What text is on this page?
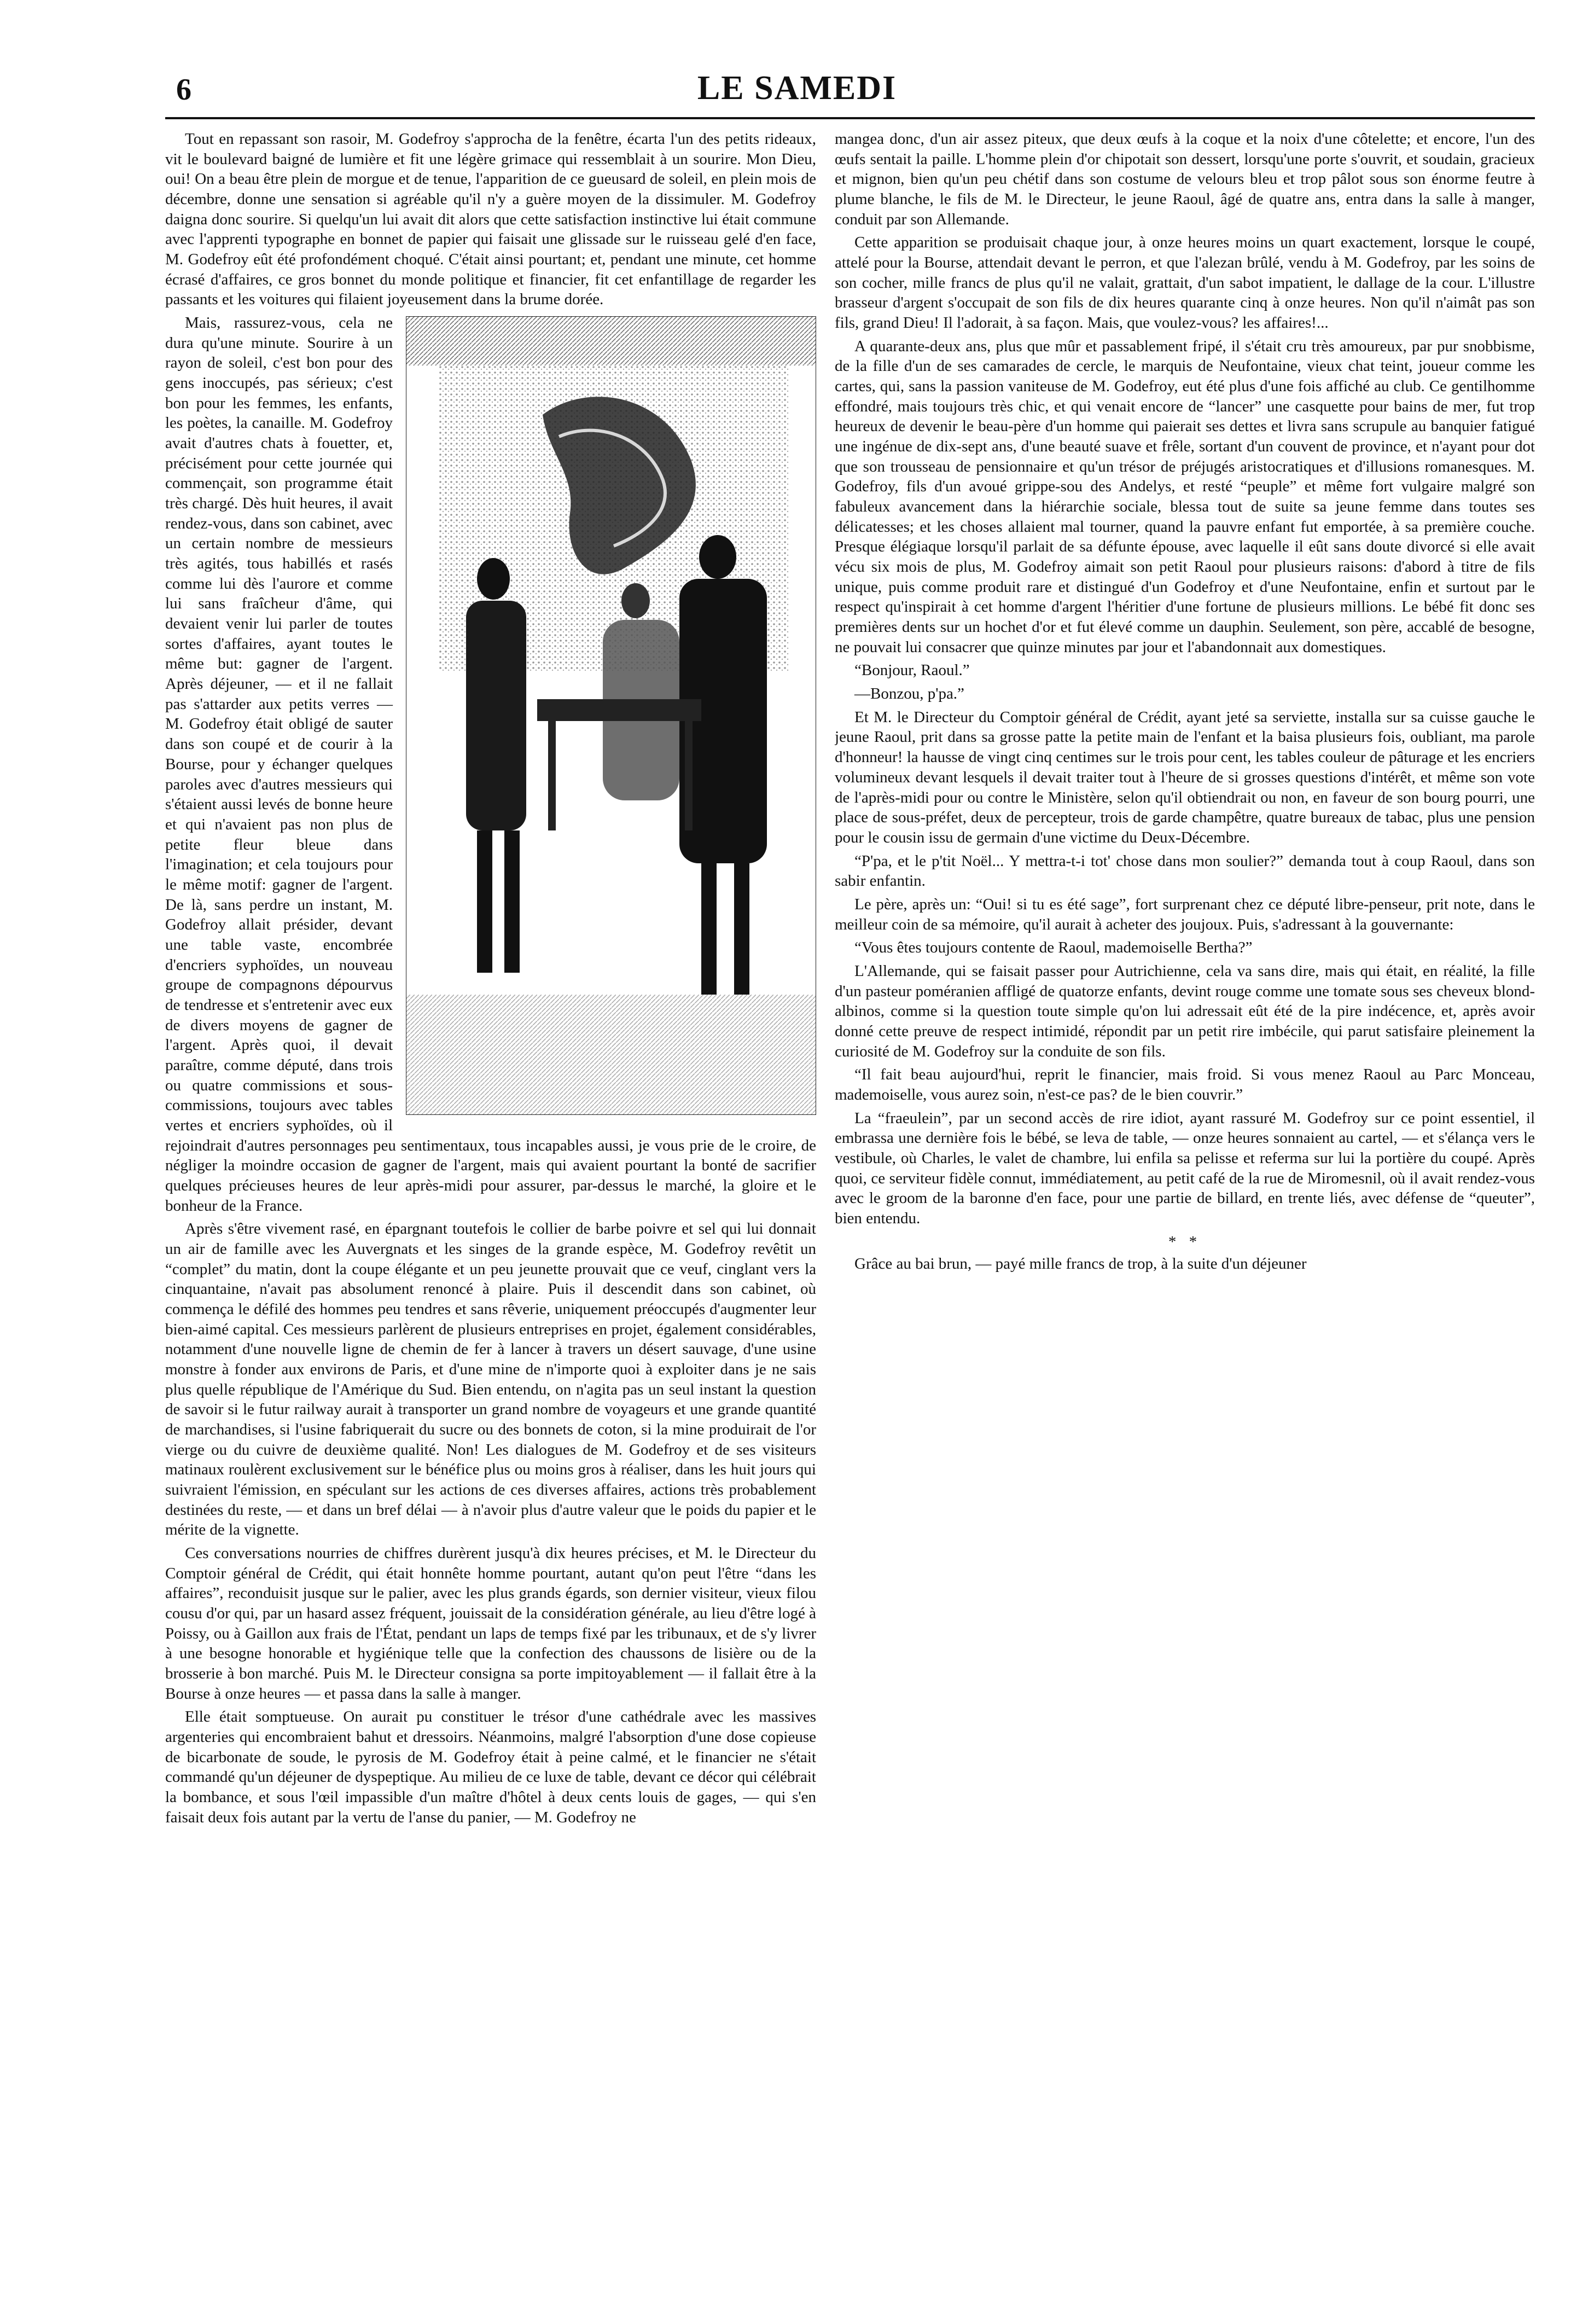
6	LE SAMEDI

Tout en repassant son rasoir, M. Godefroy s'approcha de la fenêtre, écarta l'un des petits rideaux, vit le boulevard baigné de lumière et fit une légère grimace qui ressemblait à un sourire. Mon Dieu, oui! On a beau être plein de morgue et de tenue, l'apparition de ce gueusard de soleil, en plein mois de décembre, donne une sensation si agréable qu'il n'y a guère moyen de la dissimuler. M. Godefroy daigna donc sourire. Si quelqu'un lui avait dit alors que cette satisfaction instinctive lui était commune avec l'apprenti typographe en bonnet de papier qui faisait une glissade sur le ruisseau gelé d'en face, M. Godefroy eût été profondément choqué. C'était ainsi pourtant; et, pendant une minute, cet homme écrasé d'affaires, ce gros bonnet du monde politique et financier, fit cet enfantillage de regarder les passants et les voitures qui filaient joyeusement dans la brume dorée.

Mais, rassurez-vous, cela ne dura qu'une minute. Sourire à un rayon de soleil, c'est bon pour des gens inoccupés, pas sérieux; c'est bon pour les femmes, les enfants, les poètes, la canaille. M. Godefroy avait d'autres chats à fouetter, et, précisément pour cette journée qui commençait, son programme était très chargé. Dès huit heures, il avait rendez-vous, dans son cabinet, avec un certain nombre de messieurs très agités, tous habillés et rasés comme lui dès l'aurore et comme lui sans fraîcheur d'âme, qui devaient venir lui parler de toutes sortes d'affaires, ayant toutes le même but: gagner de l'argent. Après déjeuner, — et il ne fallait pas s'attarder aux petits verres — M. Godefroy était obligé de sauter dans son coupé et de courir à la Bourse, pour y échanger quelques paroles avec d'autres messieurs qui s'étaient aussi levés de bonne heure et qui n'avaient pas non plus de petite fleur bleue dans l'imagination; et cela toujours pour le même motif: gagner de l'argent. De là, sans perdre un instant, M. Godefroy allait présider, devant une table vaste, encombrée d'encriers syphoïdes, un nouveau groupe de compagnons dépourvus de tendresse et s'entretenir avec eux de divers moyens de gagner de l'argent. Après quoi, il devait paraître, comme député, dans trois ou quatre commissions et sous-commissions, toujours avec tables vertes et encriers syphoïdes, où il rejoindrait d'autres personnages peu sentimentaux, tous incapables aussi, je vous prie de le croire, de négliger la moindre occasion de gagner de l'argent, mais qui avaient pourtant la bonté de sacrifier quelques précieuses heures de leur après-midi pour assurer, par-dessus le marché, la gloire et le bonheur de la France.

Après s'être vivement rasé, en épargnant toutefois le collier de barbe poivre et sel qui lui donnait un air de famille avec les Auvergnats et les singes de la grande espèce, M. Godefroy revêtit un “complet” du matin, dont la coupe élégante et un peu jeunette prouvait que ce veuf, cinglant vers la cinquantaine, n'avait pas absolument renoncé à plaire. Puis il descendit dans son cabinet, où commença le défilé des hommes peu tendres et sans rêverie, uniquement préoccupés d'augmenter leur bien-aimé capital. Ces messieurs parlèrent de plusieurs entreprises en projet, également considérables, notamment d'une nouvelle ligne de chemin de fer à lancer à travers un désert sauvage, d'une usine monstre à fonder aux environs de Paris, et d'une mine de n'importe quoi à exploiter dans je ne sais plus quelle république de l'Amérique du Sud. Bien entendu, on n'agita pas un seul instant la question de savoir si le futur railway aurait à transporter un grand nombre de voyageurs et une grande quantité de marchandises, si l'usine fabriquerait du sucre ou des bonnets de coton, si la mine produirait de l'or vierge ou du cuivre de deuxième qualité. Non! Les dialogues de M. Godefroy et de ses visiteurs matinaux roulèrent exclusivement sur le bénéfice plus ou moins gros à réaliser, dans les huit jours qui suivraient l'émission, en spéculant sur les actions de ces diverses affaires, actions très probablement destinées du reste, — et dans un bref délai — à n'avoir plus d'autre valeur que le poids du papier et le mérite de la vignette.

Ces conversations nourries de chiffres durèrent jusqu'à dix heures précises, et M. le Directeur du Comptoir général de Crédit, qui était honnête homme pourtant, autant qu'on peut l'être “dans les affaires”, reconduisit jusque sur le palier, avec les plus grands égards, son dernier visiteur, vieux filou cousu d'or qui, par un hasard assez fréquent, jouissait de la considération générale, au lieu d'être logé à Poissy, ou à Gaillon aux frais de l'État, pendant un laps de temps fixé par les tribunaux, et de s'y livrer à une besogne honorable et hygiénique telle que la confection des chaussons de lisière ou de la brosserie à bon marché. Puis M. le Directeur consigna sa porte impitoyablement — il fallait être à la Bourse à onze heures — et passa dans la salle à manger.

Elle était somptueuse. On aurait pu constituer le trésor d'une cathédrale avec les massives argenteries qui encombraient bahut et dressoirs. Néanmoins, malgré l'absorption d'une dose copieuse de bicarbonate de soude, le pyrosis de M. Godefroy était à peine calmé, et le financier ne s'était commandé qu'un déjeuner de dyspeptique. Au milieu de ce luxe de table, devant ce décor qui célébrait la bombance, et sous l'œil impassible d'un maître d'hôtel à deux cents louis de gages, — qui s'en faisait deux fois autant par la vertu de l'anse du panier, — M. Godefroy ne

mangea donc, d'un air assez piteux, que deux œufs à la coque et la noix d'une côtelette; et encore, l'un des œufs sentait la paille. L'homme plein d'or chipotait son dessert, lorsqu'une porte s'ouvrit, et soudain, gracieux et mignon, bien qu'un peu chétif dans son costume de velours bleu et trop pâlot sous son énorme feutre à plume blanche, le fils de M. le Directeur, le jeune Raoul, âgé de quatre ans, entra dans la salle à manger, conduit par son Allemande.

Cette apparition se produisait chaque jour, à onze heures moins un quart exactement, lorsque le coupé, attelé pour la Bourse, attendait devant le perron, et que l'alezan brûlé, vendu à M. Godefroy, par les soins de son cocher, mille francs de plus qu'il ne valait, grattait, d'un sabot impatient, le dallage de la cour. L'illustre brasseur d'argent s'occupait de son fils de dix heures quarante cinq à onze heures. Non qu'il n'aimât pas son fils, grand Dieu! Il l'adorait, à sa façon. Mais, que voulez-vous? les affaires!...

A quarante-deux ans, plus que mûr et passablement fripé, il s'était cru très amoureux, par pur snobbisme, de la fille d'un de ses camarades de cercle, le marquis de Neufontaine, vieux chat teint, joueur comme les cartes, qui, sans la passion vaniteuse de M. Godefroy, eut été plus d'une fois affiché au club. Ce gentilhomme effondré, mais toujours très chic, et qui venait encore de “lancer” une casquette pour bains de mer, fut trop heureux de devenir le beau-père d'un homme qui paierait ses dettes et livra sans scrupule au banquier fatigué une ingénue de dix-sept ans, d'une beauté suave et frêle, sortant d'un couvent de province, et n'ayant pour dot que son trousseau de pensionnaire et qu'un trésor de préjugés aristocratiques et d'illusions romanesques. M. Godefroy, fils d'un avoué grippe-sou des Andelys, et resté “peuple” et même fort vulgaire malgré son fabuleux avancement dans la hiérarchie sociale, blessa tout de suite sa jeune femme dans toutes ses délicatesses; et les choses allaient mal tourner, quand la pauvre enfant fut emportée, à sa première couche. Presque élégiaque lorsqu'il parlait de sa défunte épouse, avec laquelle il eût sans doute divorcé si elle avait vécu six mois de plus, M. Godefroy aimait son petit Raoul pour plusieurs raisons: d'abord à titre de fils unique, puis comme produit rare et distingué d'un Godefroy et d'une Neufontaine, enfin et surtout par le respect qu'inspirait à cet homme d'argent l'héritier d'une fortune de plusieurs millions. Le bébé fit donc ses premières dents sur un hochet d'or et fut élevé comme un dauphin. Seulement, son père, accablé de besogne, ne pouvait lui consacrer que quinze minutes par jour et l'abandonnait aux domestiques.

“Bonjour, Raoul.”

—Bonzou, p'pa.”

Et M. le Directeur du Comptoir général de Crédit, ayant jeté sa serviette, installa sur sa cuisse gauche le jeune Raoul, prit dans sa grosse patte la petite main de l'enfant et la baisa plusieurs fois, oubliant, ma parole d'honneur! la hausse de vingt cinq centimes sur le trois pour cent, les tables couleur de pâturage et les encriers volumineux devant lesquels il devait traiter tout à l'heure de si grosses questions d'intérêt, et même son vote de l'après-midi pour ou contre le Ministère, selon qu'il obtiendrait ou non, en faveur de son bourg pourri, une place de sous-préfet, deux de percepteur, trois de garde champêtre, quatre bureaux de tabac, plus une pension pour le cousin issu de germain d'une victime du Deux-Décembre.

“P'pa, et le p'tit Noël... Y mettra-t-i tot' chose dans mon soulier?” demanda tout à coup Raoul, dans son sabir enfantin.

Le père, après un: “Oui! si tu es été sage”, fort surprenant chez ce député libre-penseur, prit note, dans le meilleur coin de sa mémoire, qu'il aurait à acheter des joujoux. Puis, s'adressant à la gouvernante:

“Vous êtes toujours contente de Raoul, mademoiselle Bertha?”

L'Allemande, qui se faisait passer pour Autrichienne, cela va sans dire, mais qui était, en réalité, la fille d'un pasteur poméranien affligé de quatorze enfants, devint rouge comme une tomate sous ses cheveux blond-albinos, comme si la question toute simple qu'on lui adressait eût été de la pire indécence, et, après avoir donné cette preuve de respect intimidé, répondit par un petit rire imbécile, qui parut satisfaire pleinement la curiosité de M. Godefroy sur la conduite de son fils.

“Il fait beau aujourd'hui, reprit le financier, mais froid. Si vous menez Raoul au Parc Monceau, mademoiselle, vous aurez soin, n'est-ce pas? de le bien couvrir.”

La “fraeulein”, par un second accès de rire idiot, ayant rassuré M. Godefroy sur ce point essentiel, il embrassa une dernière fois le bébé, se leva de table, — onze heures sonnaient au cartel, — et s'élança vers le vestibule, où Charles, le valet de chambre, lui enfila sa pelisse et referma sur lui la portière du coupé. Après quoi, ce serviteur fidèle connut, immédiatement, au petit café de la rue de Miromesnil, où il avait rendez-vous avec le groom de la baronne d'en face, pour une partie de billard, en trente liés, avec défense de “queuter”, bien entendu.

* *

Grâce au bai brun, — payé mille francs de trop, à la suite d'un déjeuner
